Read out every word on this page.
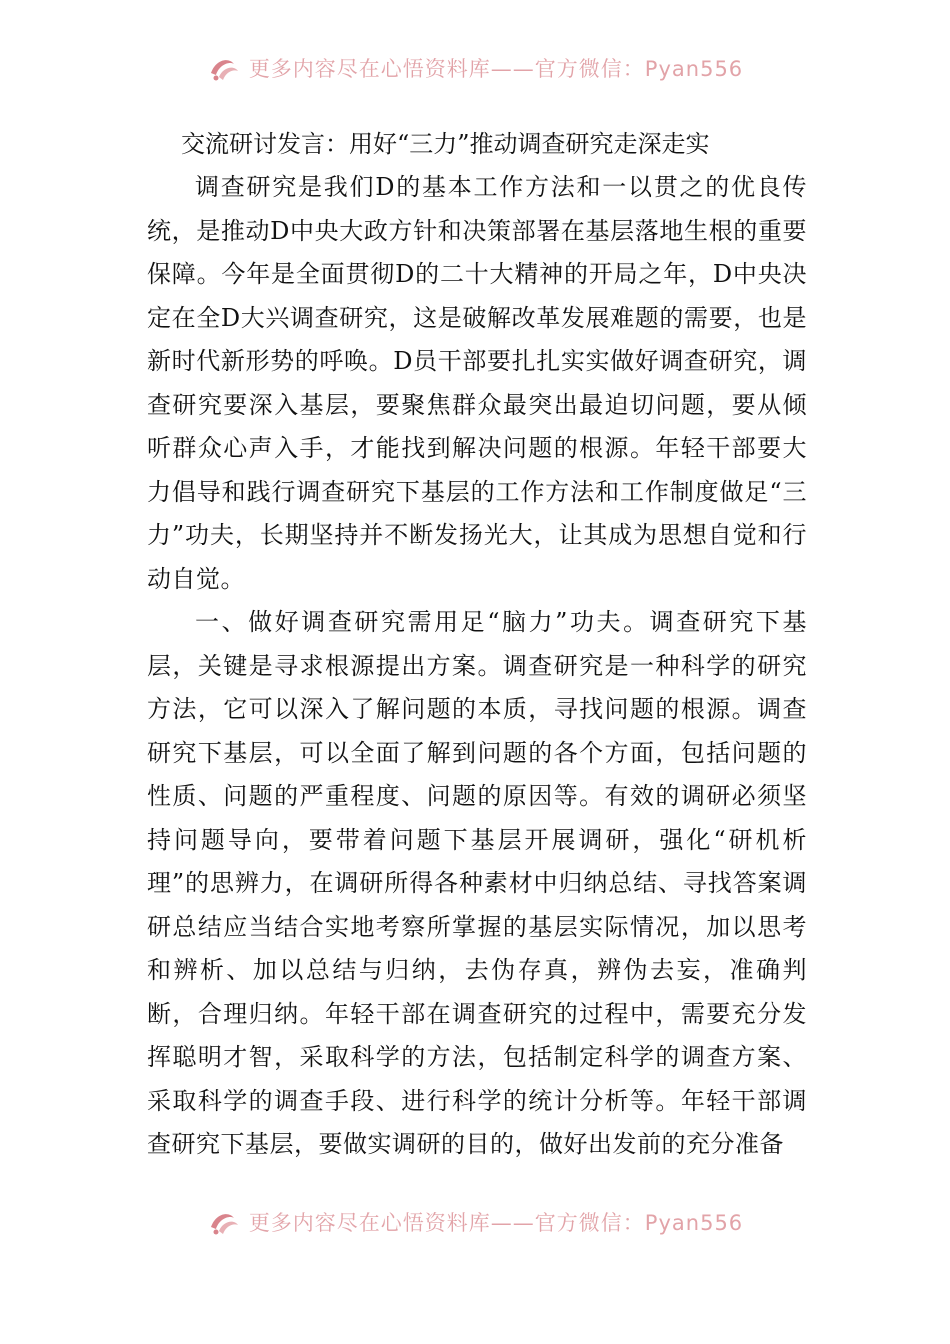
更多内容尽在心悟资料库——官方微信：Pyan556
交流研讨发言：用好“三力”推动调查研究走深走实

调查研究是我们D的基本工作方法和一以贯之的优良传统，是推动D中央大政方针和决策部署在基层落地生根的重要保障。今年是全面贯彻D的二十大精神的开局之年，D中央决定在全D大兴调查研究，这是破解改革发展难题的需要，也是新时代新形势的呼唤。D员干部要扎扎实实做好调查研究，调查研究要深入基层，要聚焦群众最突出最迫切问题，要从倾听群众心声入手，才能找到解决问题的根源。年轻干部要大力倡导和践行调查研究下基层的工作方法和工作制度做足“三力”功夫，长期坚持并不断发扬光大，让其成为思想自觉和行动自觉。

一、做好调查研究需用足“脑力”功夫。调查研究下基层，关键是寻求根源提出方案。调查研究是一种科学的研究方法，它可以深入了解问题的本质，寻找问题的根源。调查研究下基层，可以全面了解到问题的各个方面，包括问题的性质、问题的严重程度、问题的原因等。有效的调研必须坚持问题导向，要带着问题下基层开展调研，强化“研机析理”的思辨力，在调研所得各种素材中归纳总结、寻找答案调研总结应当结合实地考察所掌握的基层实际情况，加以思考和辨析、加以总结与归纳，去伪存真，辨伪去妄，准确判断，合理归纳。年轻干部在调查研究的过程中，需要充分发挥聪明才智，采取科学的方法，包括制定科学的调查方案、采取科学的调查手段、进行科学的统计分析等。年轻干部调查研究下基层，要做实调研的目的，做好出发前的充分准备

更多内容尽在心悟资料库——官方微信：Pyan556
